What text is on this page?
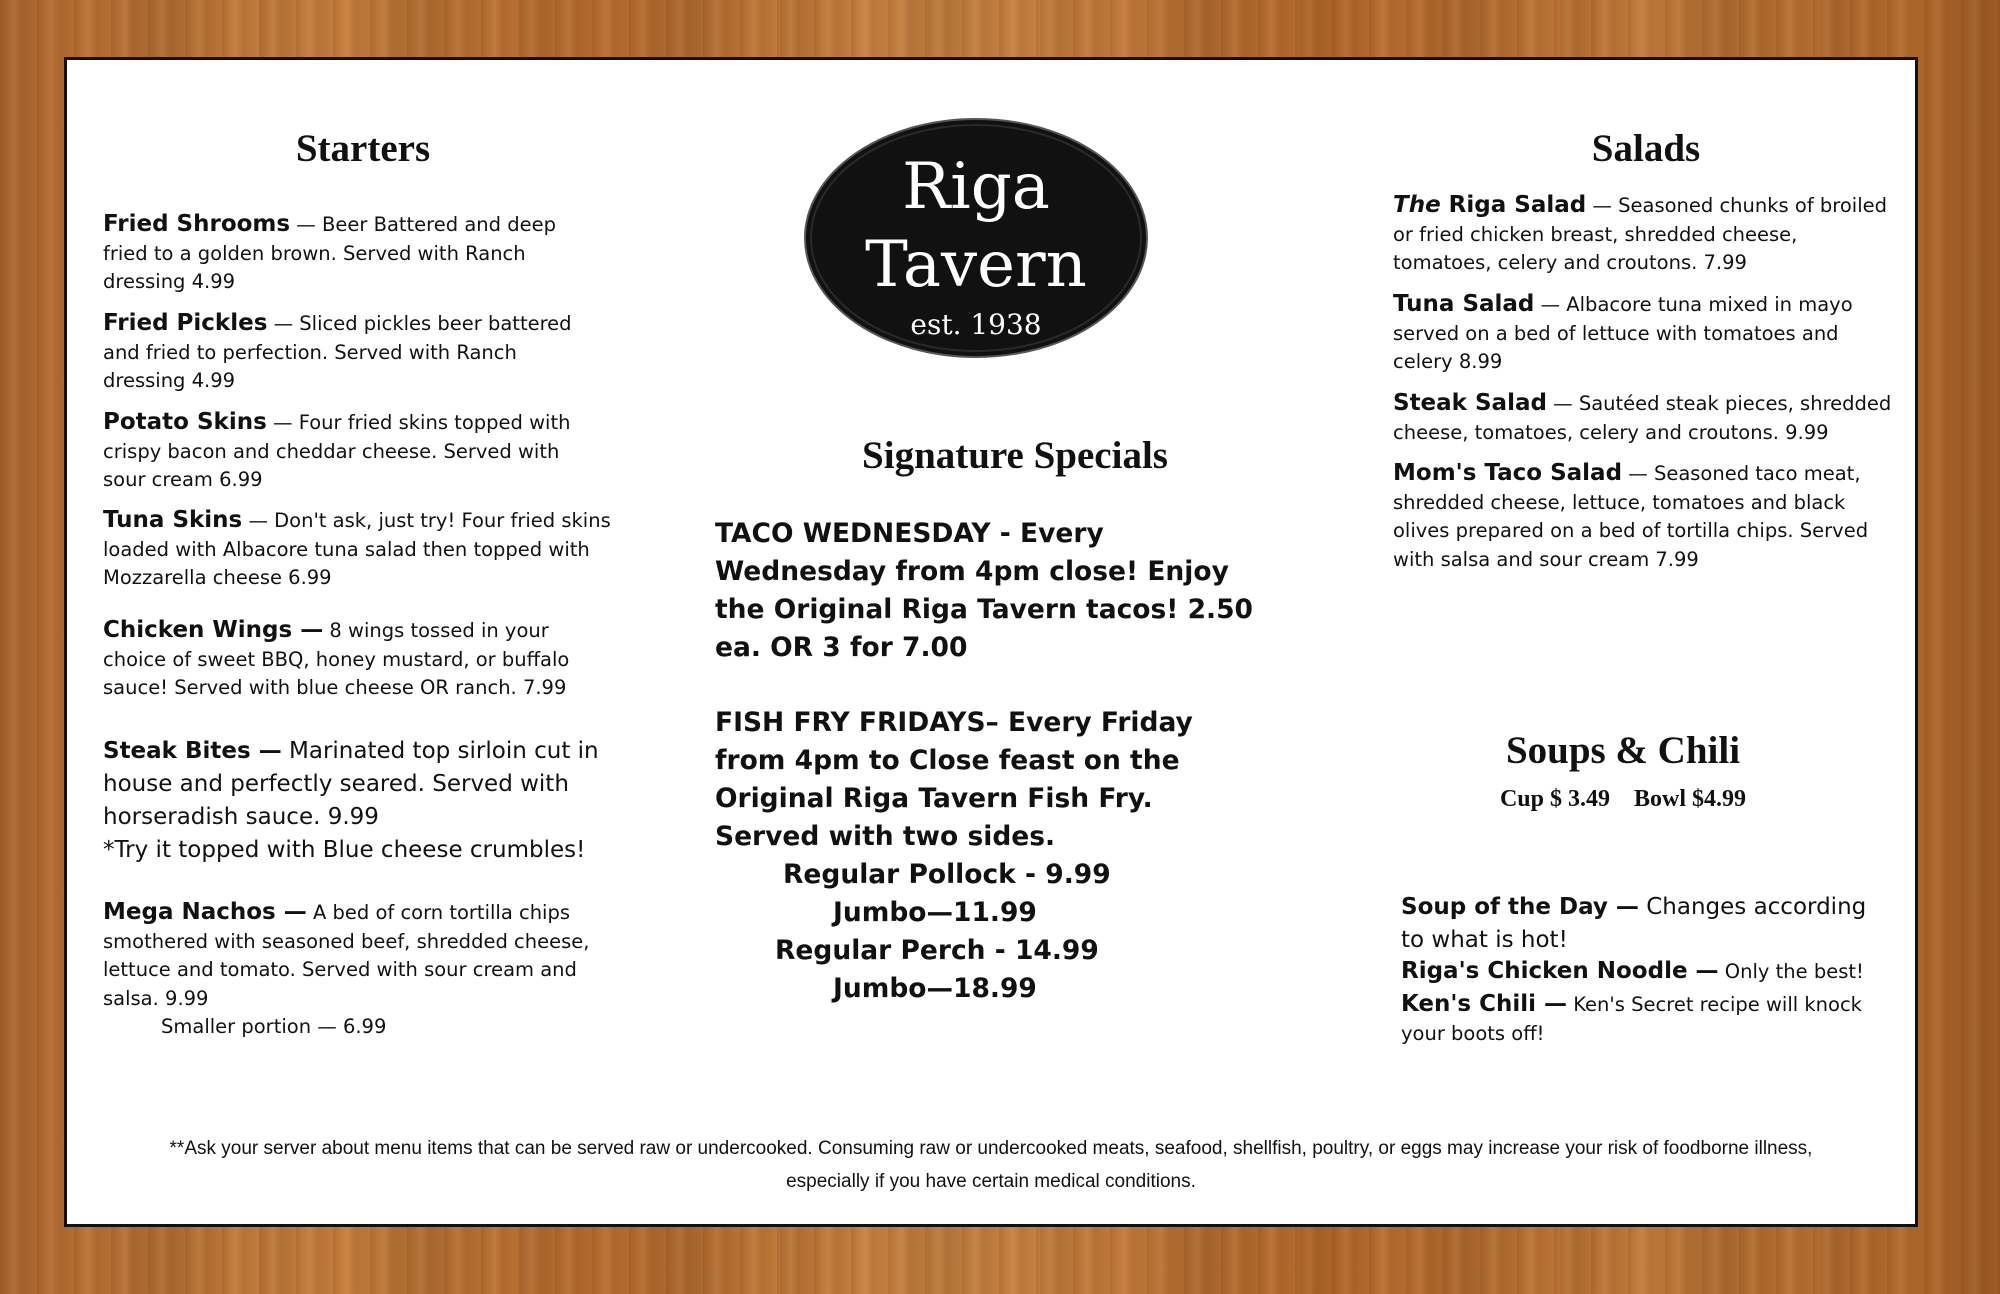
Starters
Fried Shrooms — Beer Battered and deep fried to a golden brown. Served with Ranch dressing 4.99
Fried Pickles — Sliced pickles beer battered and fried to perfection. Served with Ranch dressing 4.99
Potato Skins — Four fried skins topped with crispy bacon and cheddar cheese. Served with sour cream 6.99
Tuna Skins — Don't ask, just try! Four fried skins loaded with Albacore tuna salad then topped with Mozzarella cheese 6.99
Chicken Wings — 8 wings tossed in your choice of sweet BBQ, honey mustard, or buffalo sauce! Served with blue cheese OR ranch. 7.99
Steak Bites — Marinated top sirloin cut in house and perfectly seared. Served with horseradish sauce. 9.99
*Try it topped with Blue cheese crumbles!
Mega Nachos — A bed of corn tortilla chips smothered with seasoned beef, shredded cheese, lettuce and tomato. Served with sour cream and salsa. 9.99
Smaller portion — 6.99
Riga
Tavern
est. 1938
Signature Specials
TACO WEDNESDAY - Every Wednesday from 4pm close! Enjoy the Original Riga Tavern tacos! 2.50 ea. OR 3 for 7.00
FISH FRY FRIDAYS– Every Friday from 4pm to Close feast on the Original Riga Tavern Fish Fry. Served with two sides.
Regular Pollock - 9.99
Jumbo—11.99
Regular Perch - 14.99
Jumbo—18.99
Salads
The Riga Salad — Seasoned chunks of broiled or fried chicken breast, shredded cheese, tomatoes, celery and croutons. 7.99
Tuna Salad — Albacore tuna mixed in mayo served on a bed of lettuce with tomatoes and celery 8.99
Steak Salad — Sautéed steak pieces, shredded cheese, tomatoes, celery and croutons. 9.99
Mom's Taco Salad — Seasoned taco meat, shredded cheese, lettuce, tomatoes and black olives prepared on a bed of tortilla chips. Served with salsa and sour cream 7.99
Soups & Chili
Cup $ 3.49 Bowl $4.99
Soup of the Day — Changes according to what is hot!
Riga's Chicken Noodle — Only the best!
Ken's Chili — Ken's Secret recipe will knock your boots off!
**Ask your server about menu items that can be served raw or undercooked. Consuming raw or undercooked meats, seafood, shellfish, poultry, or eggs may increase your risk of foodborne illness,
especially if you have certain medical conditions.
